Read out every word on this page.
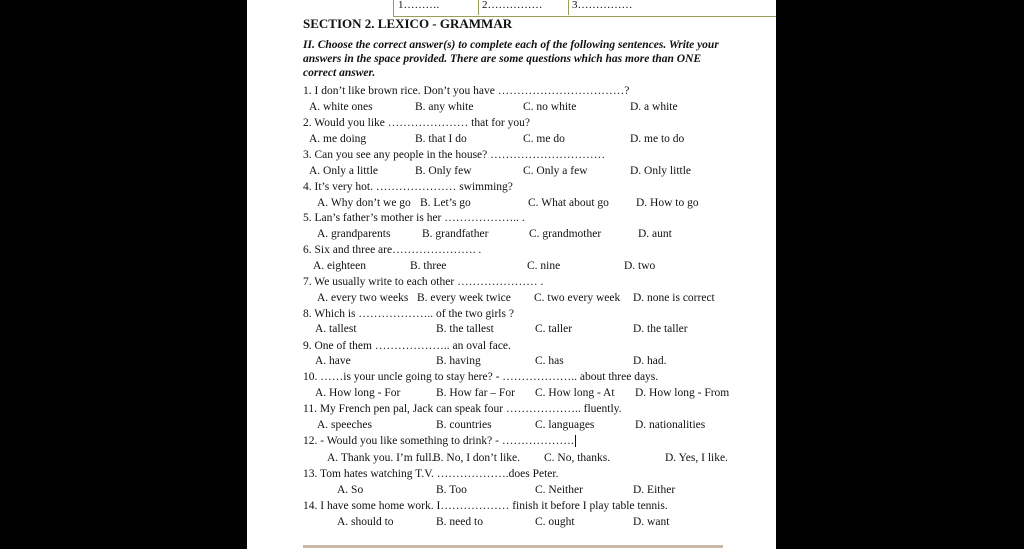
1……….	2……………	3……………
SECTION 2. LEXICO - GRAMMAR
II. Choose the correct answer(s) to complete each of the following sentences. Write your
answers in the space provided. There are some questions which has more than ONE
correct answer.
1. I don’t like brown rice. Don’t you have ……………………………?
A. white ones	B. any white	C. no white	D. a white
2. Would you like ………………… that for you?
A. me doing	B. that I do	C. me do	D. me to do
3. Can you see any people in the house? …………………………
A. Only a little	B. Only few	C. Only a few	D. Only little
4. It’s very hot. ………………… swimming?
A. Why don’t we go B. Let’s go	C. What about go D. How to go
5. Lan’s father’s mother is her ……………….. .
A. grandparents	B. grandfather	C. grandmother	D. aunt
6. Six and three are…………………. .
A. eighteen	B. three	C. nine	D. two
7. We usually write to each other ………………… .
A. every two weeks B. every week twice C. two every week D. none is correct
8. Which is ……………….. of the two girls ?
A. tallest	B. the tallest	C. taller	D. the taller
9. One of them ……………….. an oval face.
A. have	B. having	C. has	D. had.
10. ……is your uncle going to stay here? - ……………….. about three days.
A. How long - For	B. How far – For C. How long - At D. How long - From
11. My French pen pal, Jack can speak four ……………….. fluently.
A. speeches	B. countries	C. languages	D. nationalities
12. - Would you like something to drink? - ……………….
A. Thank you. I’m full.
B. No, I don’t like. C. No, thanks.	D. Yes, I like.
13. Tom hates watching T.V. ……………….does Peter.
A. So	B. Too	C. Neither	D. Either
14. I have some home work. I……………… finish it before I play table tennis.
A. should to	B. need to	C. ought	D. want
